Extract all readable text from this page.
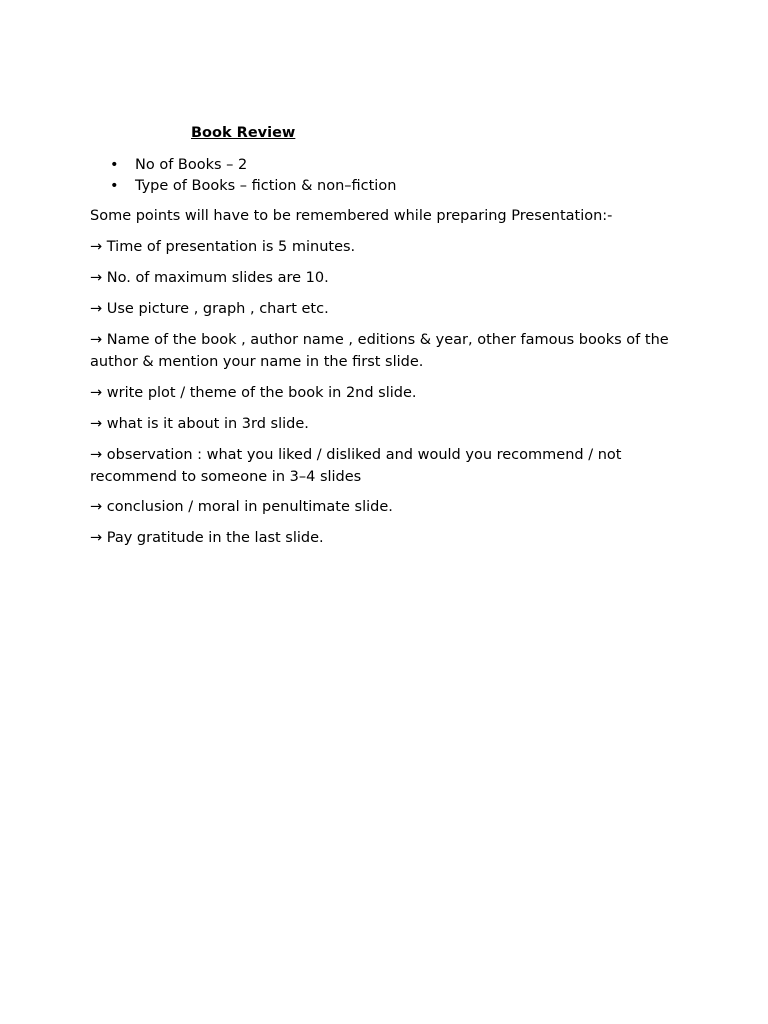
Book Review
• No of Books – 2
• Type of Books – fiction & non–fiction

Some points will have to be remembered while preparing Presentation:-

→ Time of presentation is 5 minutes.

→ No. of maximum slides are 10.

→ Use picture , graph , chart etc.

→ Name of the book , author name , editions & year, other famous books of the author & mention your name in the first slide.

→ write plot / theme of the book in 2nd slide.

→ what is it about in 3rd slide.

→ observation : what you liked / disliked and would you recommend / not recommend to someone in 3–4 slides

→ conclusion / moral in penultimate slide.

→ Pay gratitude in the last slide.
